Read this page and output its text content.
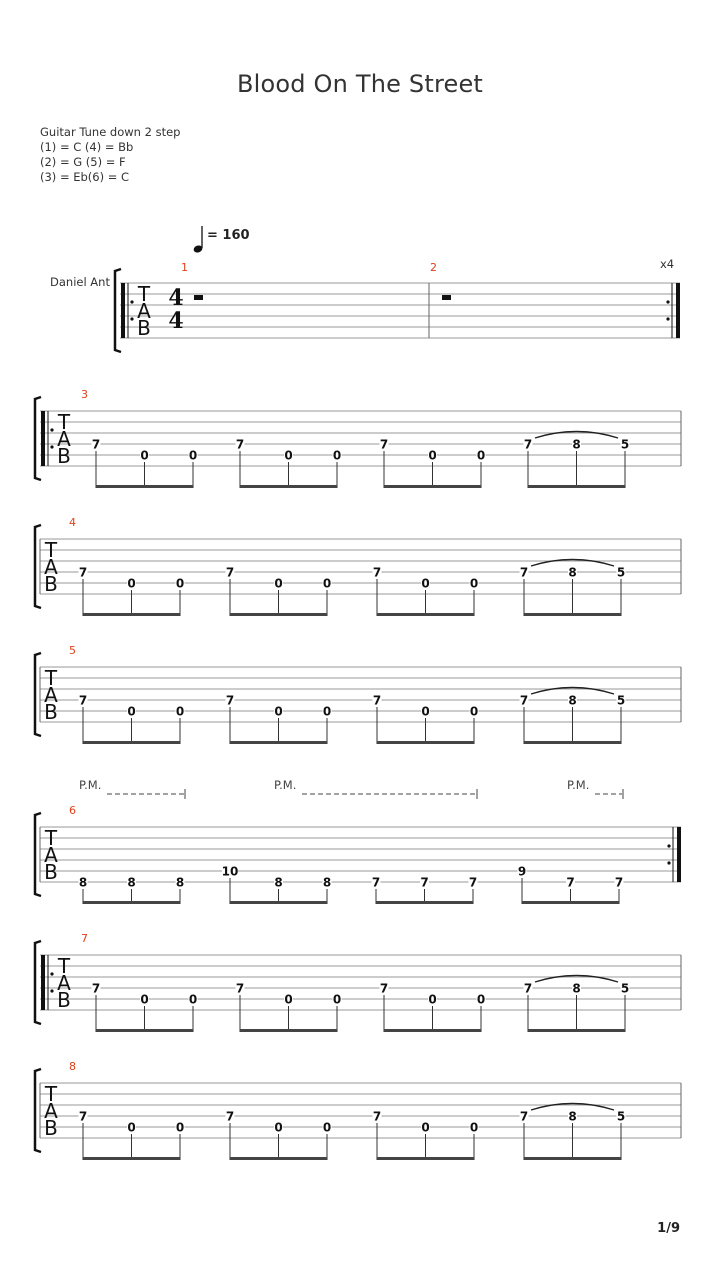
Blood On The Street
Guitar Tune down 2 step
(1) = C (4) = Bb
(2) = G (5) = F
(3) = Eb(6) = C
T
A
B
4
4
Daniel Ant
= 160
1	2	x4
T
A
B
3
7
0	0
7
0	0
7
0	0
7	8	5
T
A
B
4
7
0	0
7
0	0
7
0	0
7	8	5
T
A
B
5
7
0	0
7
0	0
7
0	0
7	8	5
T
A
B
6
8	8	8
10
8	8	7	7	7
9
7	7
T
A
B
7
7
0	0
7
0	0
7
0	0
7	8	5
T
A
B
8
7
0	0
7
0	0
7
0	0
7	8	5
P.M.	P.M.	P.M.
1/9
